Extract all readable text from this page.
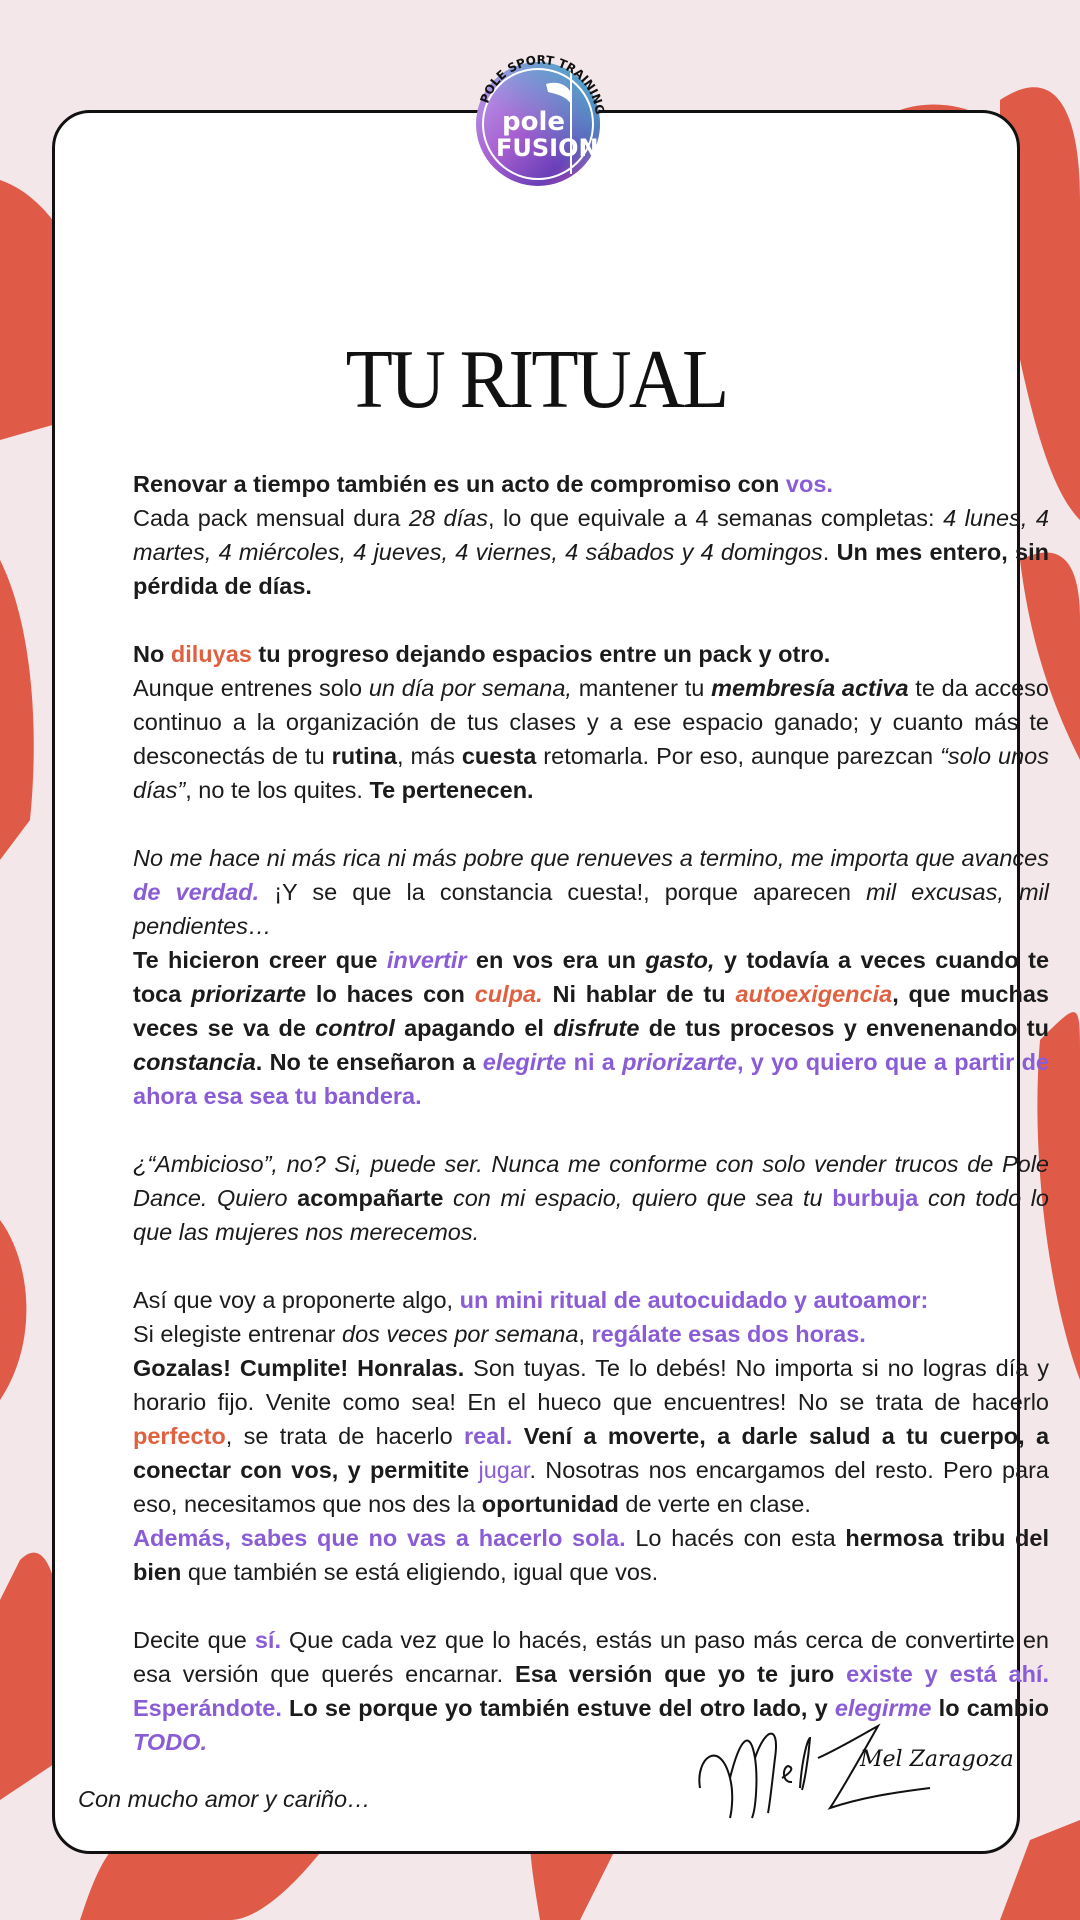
TU RITUAL

Renovar a tiempo también es un acto de compromiso con vos.
Cada pack mensual dura 28 días, lo que equivale a 4 semanas completas: 4 lunes, 4 martes, 4 miércoles, 4 jueves, 4 viernes, 4 sábados y 4 domingos. Un mes entero, sin pérdida de días.

No diluyas tu progreso dejando espacios entre un pack y otro.
Aunque entrenes solo un día por semana, mantener tu membresía activa te da acceso continuo a la organización de tus clases y a ese espacio ganado; y cuanto más te desconectás de tu rutina, más cuesta retomarla. Por eso, aunque parezcan “solo unos días”, no te los quites. Te pertenecen.

No me hace ni más rica ni más pobre que renueves a termino, me importa que avances de verdad. ¡Y se que la constancia cuesta!, porque aparecen mil excusas, mil pendientes…

Te hicieron creer que invertir en vos era un gasto, y todavía a veces cuando te toca priorizarte lo haces con culpa. Ni hablar de tu autoexigencia, que muchas veces se va de control apagando el disfrute de tus procesos y envenenando tu constancia. No te enseñaron a elegirte ni a priorizarte, y yo quiero que a partir de ahora esa sea tu bandera.

¿“Ambicioso”, no? Si, puede ser. Nunca me conforme con solo vender trucos de Pole Dance. Quiero acompañarte con mi espacio, quiero que sea tu burbuja con todo lo que las mujeres nos merecemos.

Así que voy a proponerte algo, un mini ritual de autocuidado y autoamor:
Si elegiste entrenar dos veces por semana, regálate esas dos horas.
Gozalas! Cumplite! Honralas. Son tuyas. Te lo debés! No importa si no logras día y horario fijo. Venite como sea! En el hueco que encuentres! No se trata de hacerlo perfecto, se trata de hacerlo real. Vení a moverte, a darle salud a tu cuerpo, a conectar con vos, y permitite jugar. Nosotras nos encargamos del resto. Pero para eso, necesitamos que nos des la oportunidad de verte en clase.
Además, sabes que no vas a hacerlo sola. Lo hacés con esta hermosa tribu del bien que también se está eligiendo, igual que vos.

Decite que sí. Que cada vez que lo hacés, estás un paso más cerca de convertirte en esa versión que querés encarnar. Esa versión que yo te juro existe y está ahí. Esperándote. Lo se porque yo también estuve del otro lado, y elegirme lo cambio TODO.

Con mucho amor y cariño…
Mel Zaragoza
POLE SPORT TRAINING
pole
FUSION
